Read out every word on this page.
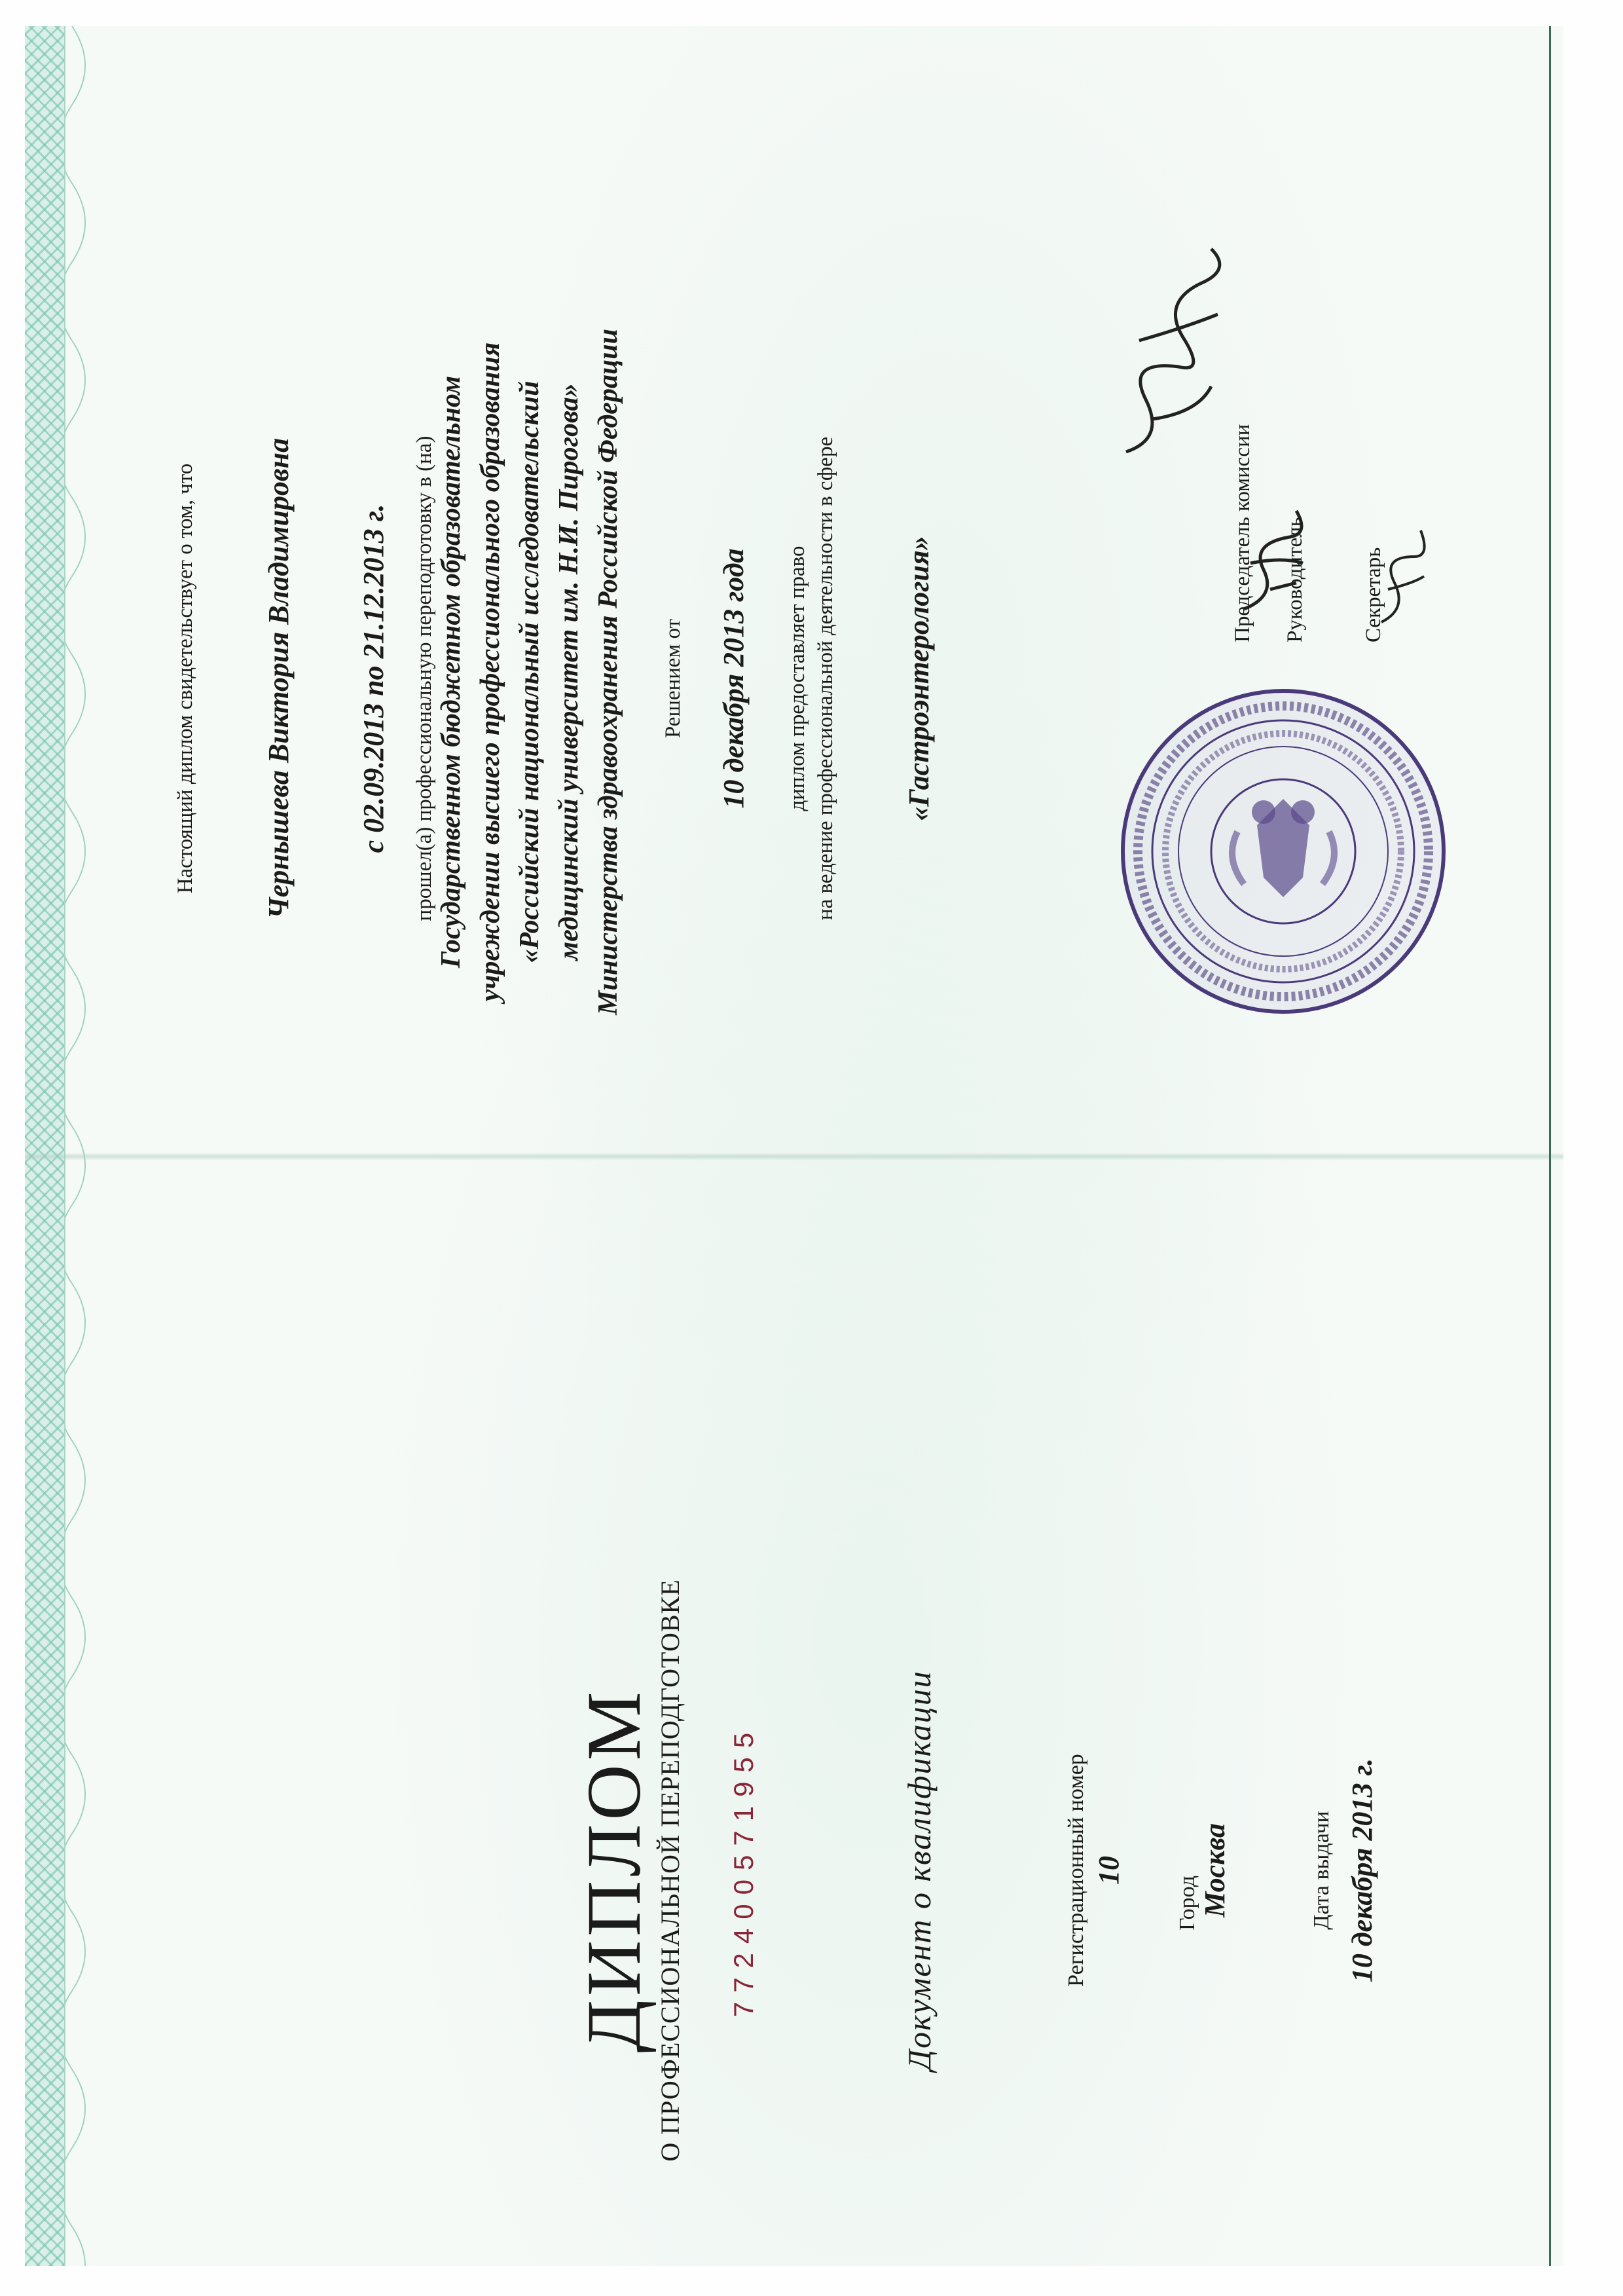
ДИПЛОМ
О ПРОФЕССИОНАЛЬНОЙ ПЕРЕПОДГОТОВКЕ 772400571955	Документ о квалификации	Регистрационный номер 10
Город Москва	Дата выдачи 10 декабря 2013 г.
Настоящий диплом свидетельствует о том, что Чернышева Виктория Владимировна с 02.09.2013 по 21.12.2013 г. прошел(а) профессиональную переподготовку в (на) Государственном бюджетном образовательном учреждении высшего профессионального образования «Российский национальный исследовательский медицинский университет им. Н.И. Пирогова» Министерства здравоохранения Российской Федерации Решением от 10 декабря 2013 года диплом предоставляет право на ведение профессиональной деятельности в сфере «Гастроэнтерология»
Председатель комиссии Руководитель	Секретарь
